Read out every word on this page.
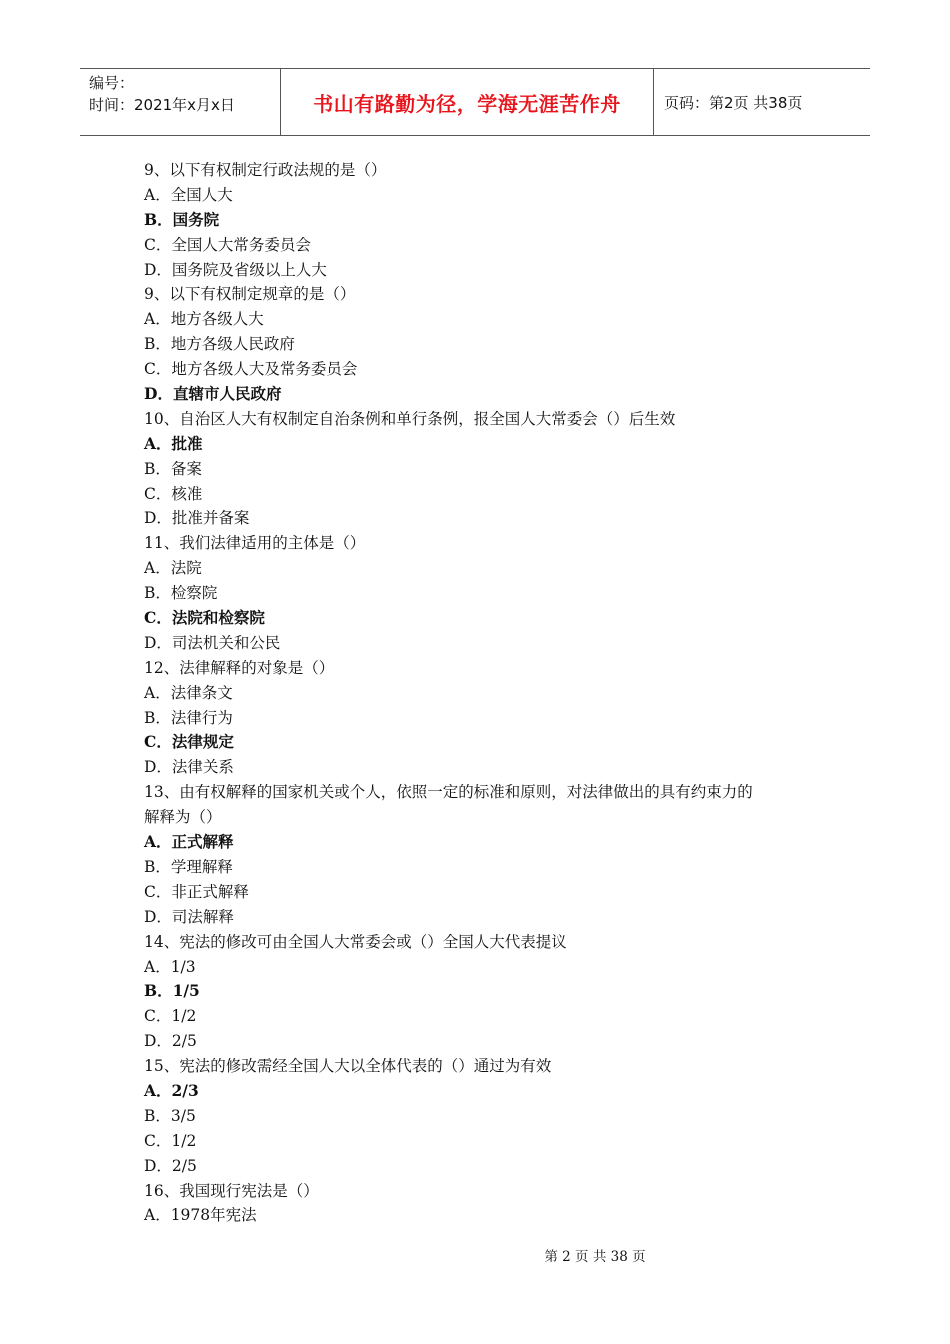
编号：
时间：2021年x月x日	书山有路勤为径，学海无涯苦作舟	页码：第2页 共38页
9、以下有权制定行政法规的是（）
A．全国人大
B．国务院
C．全国人大常务委员会
D．国务院及省级以上人大
9、以下有权制定规章的是（）
A．地方各级人大
B．地方各级人民政府
C．地方各级人大及常务委员会
D．直辖市人民政府
10、自治区人大有权制定自治条例和单行条例，报全国人大常委会（）后生效
A．批准
B．备案
C．核准
D．批准并备案
11、我们法律适用的主体是（）
A．法院
B．检察院
C．法院和检察院
D．司法机关和公民
12、法律解释的对象是（）
A．法律条文
B．法律行为
C．法律规定
D．法律关系
13、由有权解释的国家机关或个人，依照一定的标准和原则，对法律做出的具有约束力的
解释为（）
A．正式解释
B．学理解释
C．非正式解释
D．司法解释
14、宪法的修改可由全国人大常委会或（）全国人大代表提议
A．1/3
B．1/5
C．1/2
D．2/5
15、宪法的修改需经全国人大以全体代表的（）通过为有效
A．2/3
B．3/5
C．1/2
D．2/5
16、我国现行宪法是（）
A．1978年宪法
第 2 页 共 38 页
